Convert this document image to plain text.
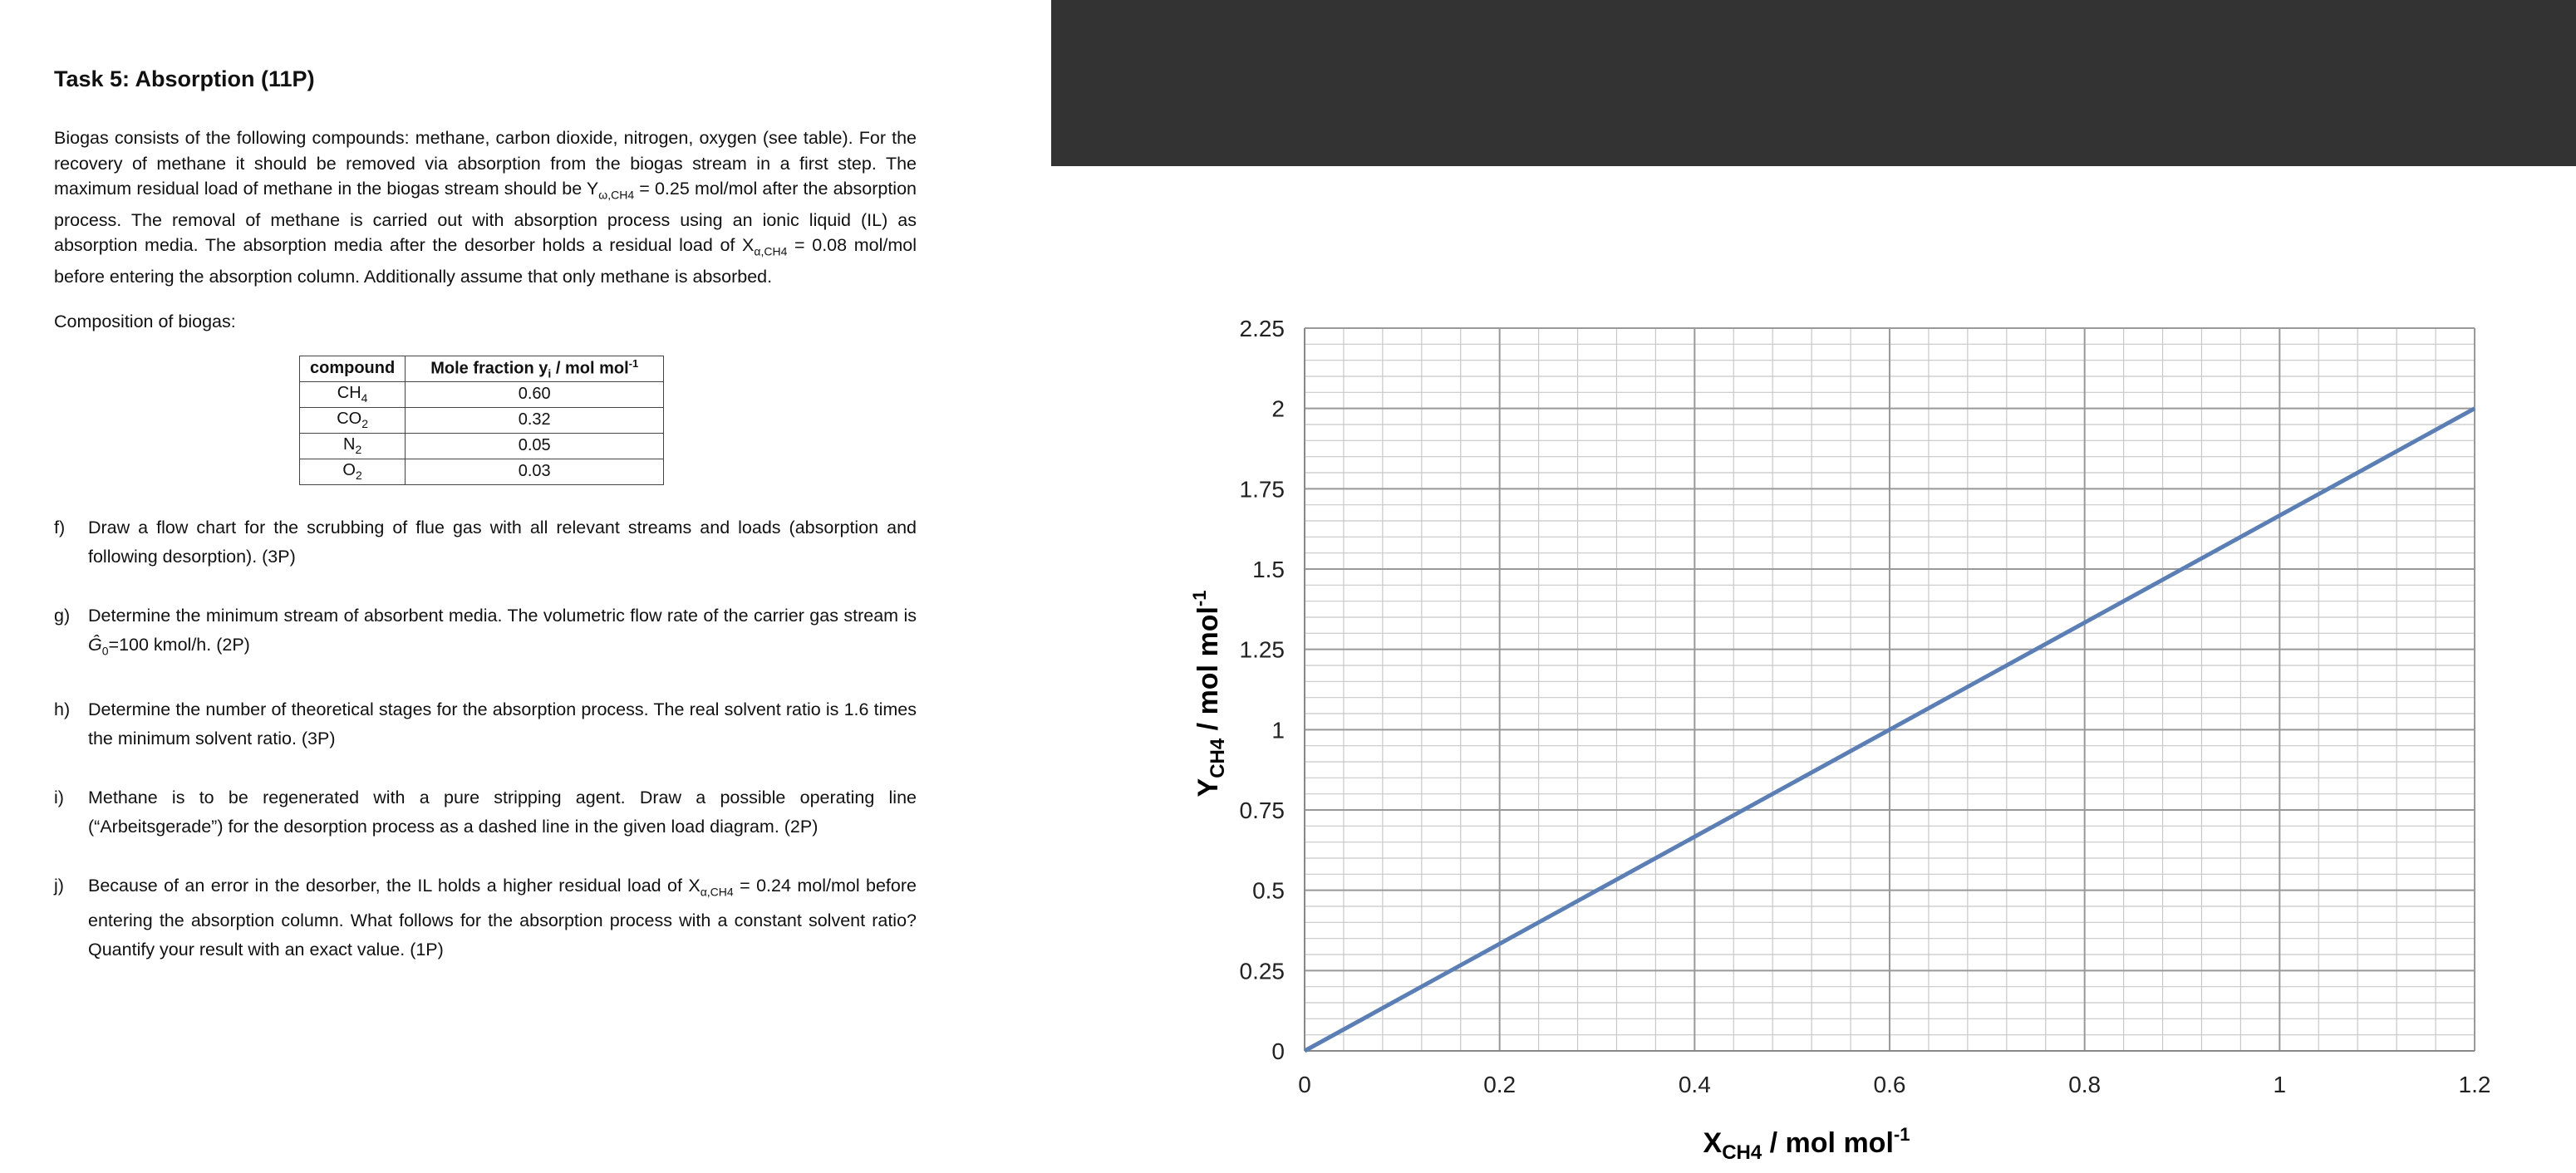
Task 5: Absorption (11P)

Biogas consists of the following compounds: methane, carbon dioxide, nitrogen, oxygen (see table). For the recovery of methane it should be removed via absorption from the biogas stream in a first step. The maximum residual load of methane in the biogas stream should be $Y_{\omega,CH4} = 0.25$ mol/mol after the absorption process. The removal of methane is carried out with absorption process using an ionic liquid (IL) as absorption media. The absorption media after the desorber holds a residual load of $X_{\alpha,CH4} = 0.08$ mol/mol before entering the absorption column. Additionally assume that only methane is absorbed.

Composition of biogas:
compound	Mole fraction $y_i$ / mol mol$^{-1}$
$CH_4$	0.60
$CO_2$	0.32
$N_2$	0.05
$O_2$	0.03
f)	Draw a flow chart for the scrubbing of flue gas with all relevant streams and loads (absorption and following desorption). (3P)
g)	Determine the minimum stream of absorbent media. The volumetric flow rate of the carrier gas stream is $Ĝ_0=100$ kmol/h. (2P)
h)	Determine the number of theoretical stages for the absorption process. The real solvent ratio is 1.6 times the minimum solvent ratio. (3P)
i)	Methane is to be regenerated with a pure stripping agent. Draw a possible operating line (“Arbeitsgerade”) for the desorption process as a dashed line in the given load diagram. (2P)
j)	Because of an error in the desorber, the IL holds a higher residual load of $X_{\alpha,CH4} = 0.24$ mol/mol before entering the absorption column. What follows for the absorption process with a constant solvent ratio? Quantify your result with an exact value. (1P)
0	0.2	0.4	0.6	0.8	1	1.2
0
0.25
0.5
0.75
1
1.25
1.5
1.75
2
2.25
$X_{CH4}$ / mol mol$^{-1}$
$Y_{CH4}$ / mol mol$^{-1}$
